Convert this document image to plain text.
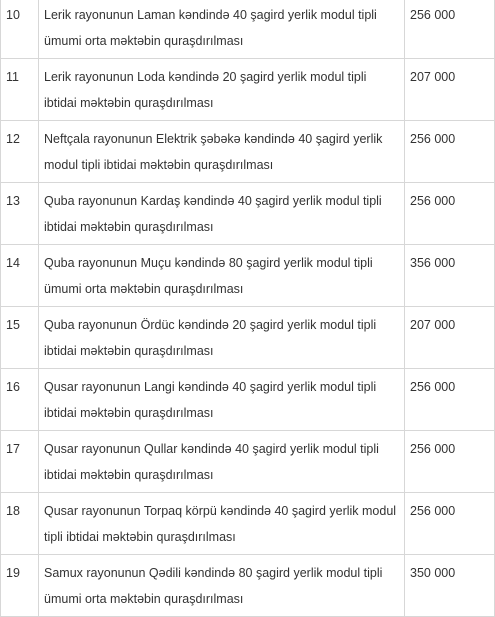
10	Lerik rayonunun Laman kəndində 40 şagird yerlik modul tipli ümumi orta məktəbin quraşdırılması	256 000
11	Lerik rayonunun Loda kəndində 20 şagird yerlik modul tipli ibtidai məktəbin quraşdırılması	207 000
12	Neftçala rayonunun Elektrik şəbəkə kəndində 40 şagird yerlik modul tipli ibtidai məktəbin quraşdırılması	256 000
13	Quba rayonunun Kardaş kəndində 40 şagird yerlik modul tipli ibtidai məktəbin quraşdırılması	256 000
14	Quba rayonunun Muçu kəndində 80 şagird yerlik modul tipli ümumi orta məktəbin quraşdırılması	356 000
15	Quba rayonunun Ördüc kəndində 20 şagird yerlik modul tipli ibtidai məktəbin quraşdırılması	207 000
16	Qusar rayonunun Langi kəndində 40 şagird yerlik modul tipli ibtidai məktəbin quraşdırılması	256 000
17	Qusar rayonunun Qullar kəndində 40 şagird yerlik modul tipli ibtidai məktəbin quraşdırılması	256 000
18	Qusar rayonunun Torpaq körpü kəndində 40 şagird yerlik modul tipli ibtidai məktəbin quraşdırılması	256 000
19	Samux rayonunun Qədili kəndində 80 şagird yerlik modul tipli ümumi orta məktəbin quraşdırılması	350 000
